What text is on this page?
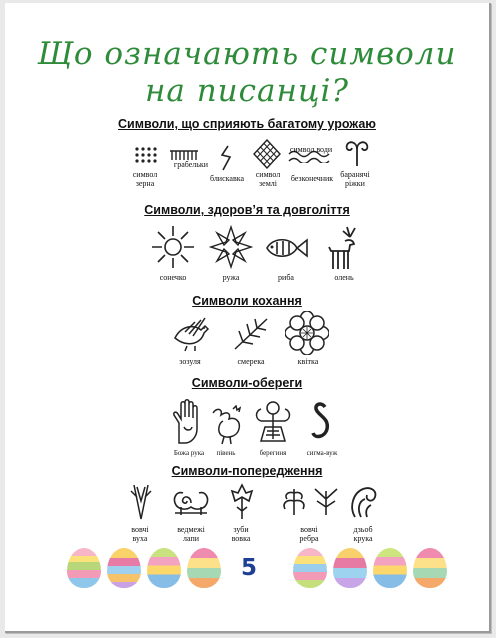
Що означають символи
на писанці?
Символи, що сприяють багатому урожаю
грабельки
символ води
символ зерна
блискавка	символ землі
безконечник баранячі ріжки
Символи, здоров’я та довголіття
сонечко	ружа	риба	олень
Символи кохання
зозуля	смерека	квітка
Символи-обереги
Божа рука півень	берегиня	сигма-вуж
Символи-попередження
вовчі
вуха
ведмежі
лапи
зуби
вовка
вовчі
ребра
дзьоб
крука
5
